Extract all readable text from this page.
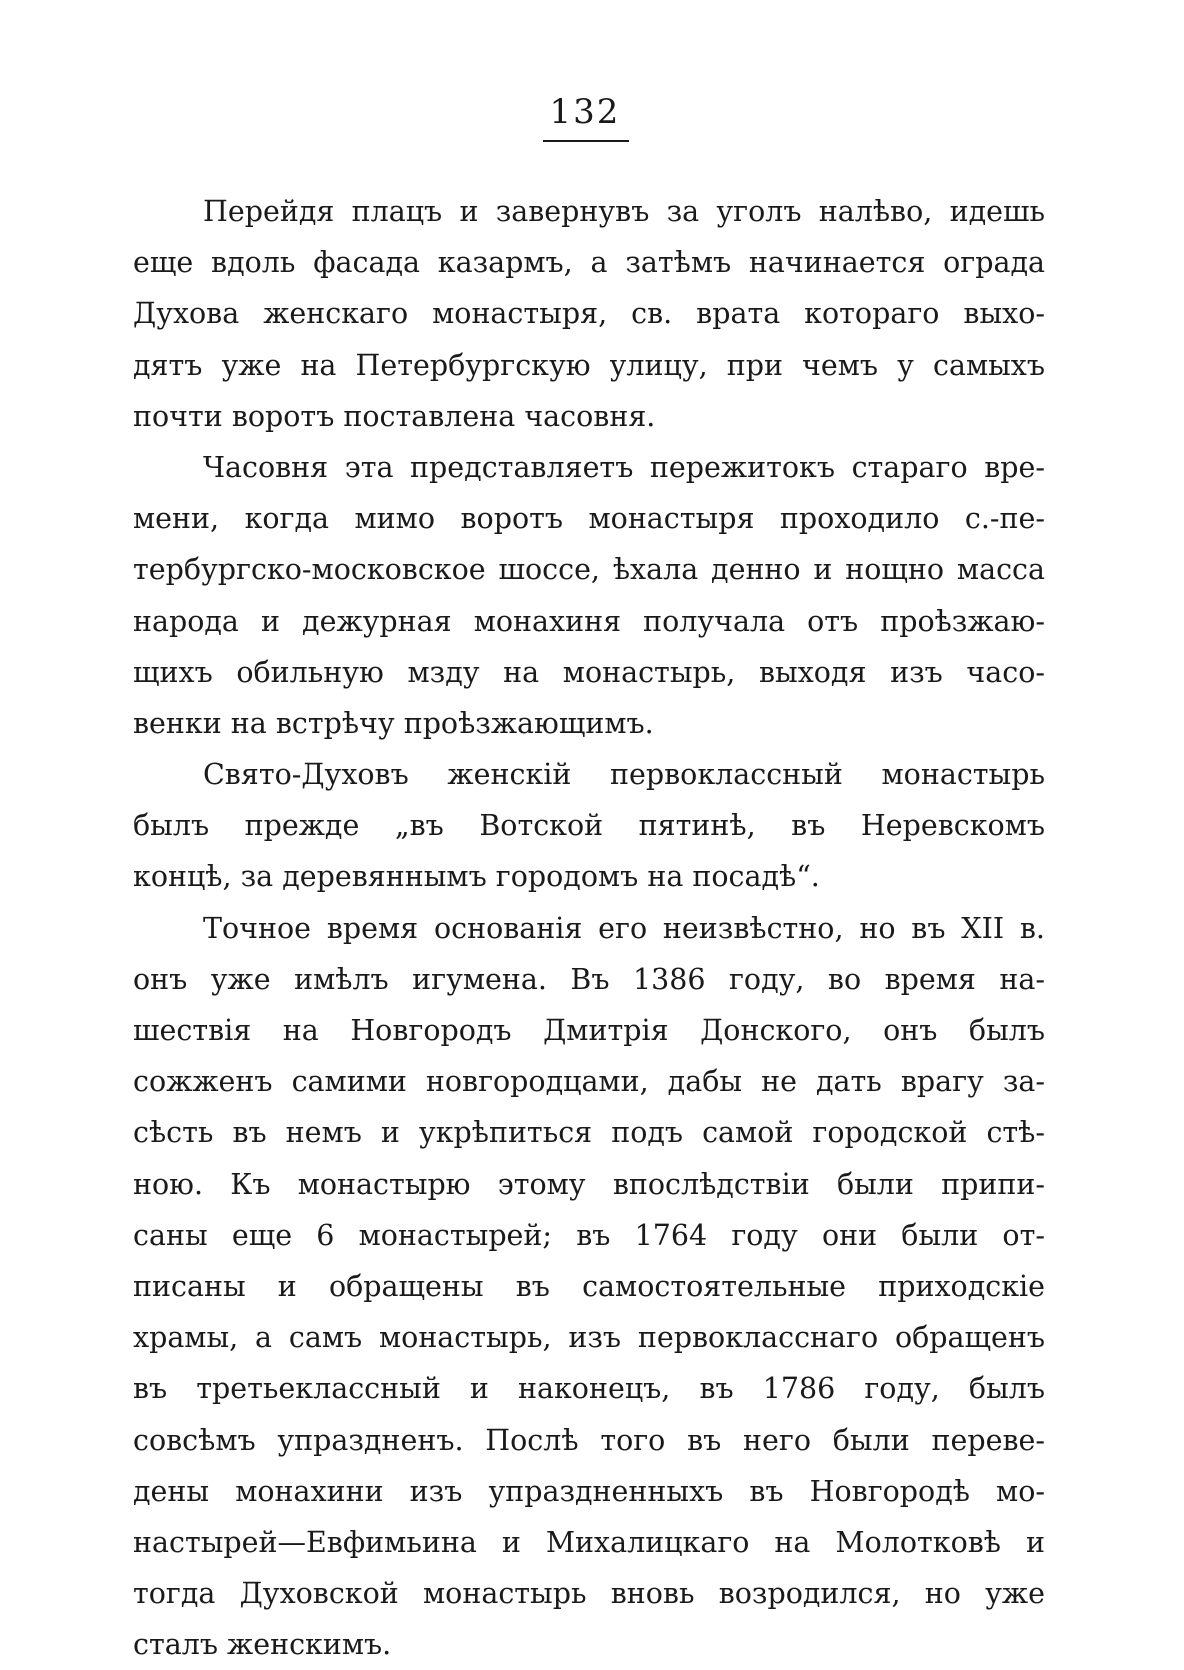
132
Перейдя плацъ и завернувъ за уголъ налѣво, идешь
еще вдоль фасада казармъ, а затѣмъ начинается ограда
Духова женскаго монастыря, св. врата котораго выхо-
дятъ уже на Петербургскую улицу, при чемъ у самыхъ
почти воротъ поставлена часовня.
Часовня эта представляетъ пережитокъ стараго вре-
мени, когда мимо воротъ монастыря проходило с.-пе-
тербургско-московское шоссе, ѣхала денно и нощно масса
народа и дежурная монахиня получала отъ проѣзжаю-
щихъ обильную мзду на монастырь, выходя изъ часо-
венки на встрѣчу проѣзжающимъ.
Свято-Духовъ женскій первоклассный монастырь
былъ прежде „въ Вотской пятинѣ, въ Неревскомъ
концѣ, за деревяннымъ городомъ на посадѣ“.
Точное время основанія его неизвѣстно, но въ XII в.
онъ уже имѣлъ игумена. Въ 1386 году, во время на-
шествія на Новгородъ Дмитрія Донского, онъ былъ
сожженъ самими новгородцами, дабы не дать врагу за-
сѣсть въ немъ и укрѣпиться подъ самой городской стѣ-
ною. Къ монастырю этому впослѣдствіи были припи-
саны еще 6 монастырей; въ 1764 году они были от-
писаны и обращены въ самостоятельные приходскіе
храмы, а самъ монастырь, изъ первокласснаго обращенъ
въ третьеклассный и наконецъ, въ 1786 году, былъ
совсѣмъ упраздненъ. Послѣ того въ него были переве-
дены монахини изъ упраздненныхъ въ Новгородѣ мо-
настырей—Евфимьина и Михалицкаго на Молотковѣ и
тогда Духовской монастырь вновь возродился, но уже
сталъ женскимъ.
